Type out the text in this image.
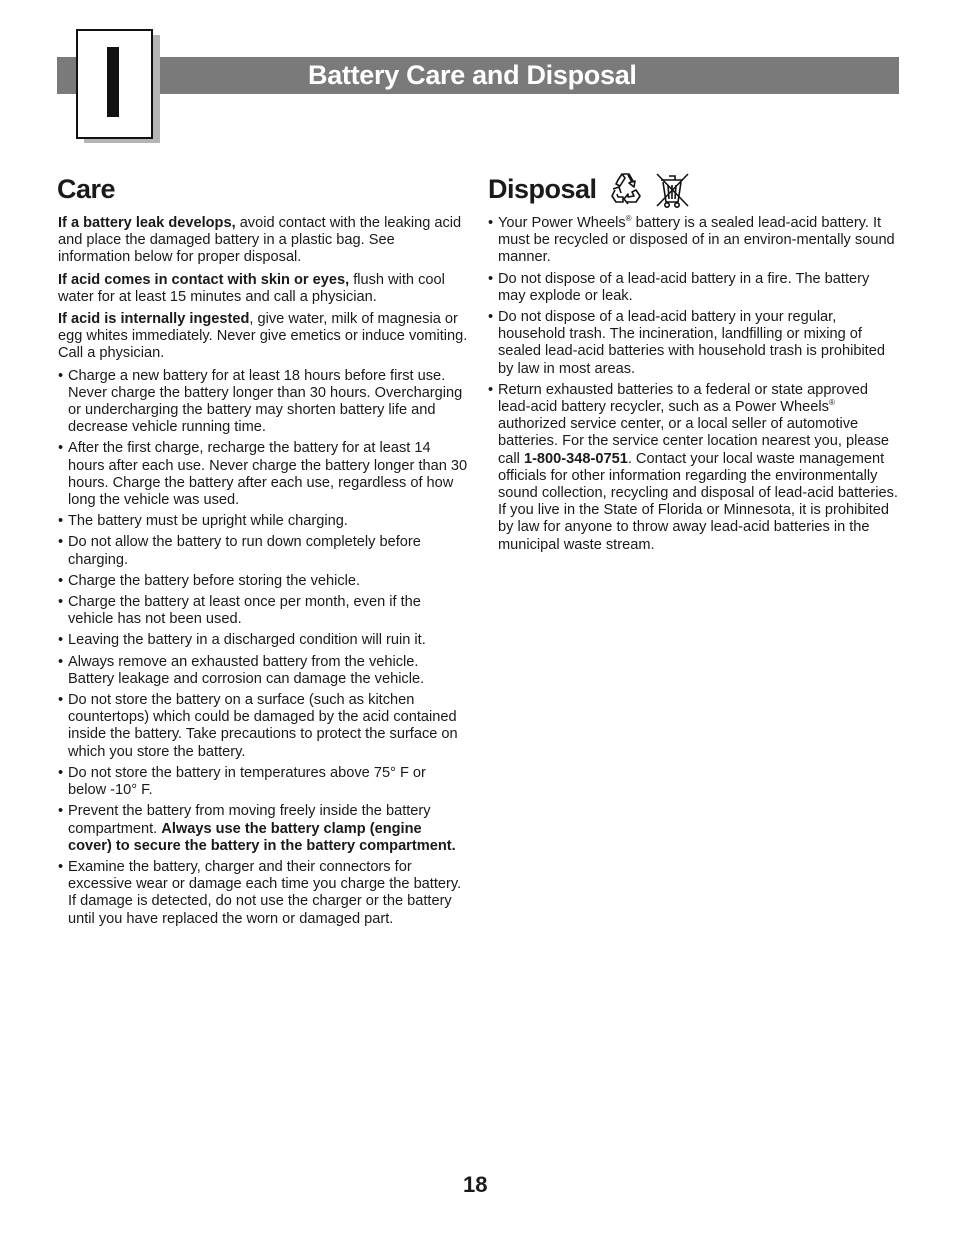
Battery Care and Disposal
Care

If a battery leak develops, avoid contact with the leaking acid and place the damaged battery in a plastic bag. See information below for proper disposal.

If acid comes in contact with skin or eyes, flush with cool water for at least 15 minutes and call a physician.

If acid is internally ingested, give water, milk of magnesia or egg whites immediately. Never give emetics or induce vomiting. Call a physician.

• Charge a new battery for at least 18 hours before first use. Never charge the battery longer than 30 hours. Overcharging or undercharging the battery may shorten battery life and decrease vehicle running time.
• After the first charge, recharge the battery for at least 14 hours after each use. Never charge the battery longer than 30 hours. Charge the battery after each use, regardless of how long the vehicle was used.
• The battery must be upright while charging.
• Do not allow the battery to run down completely before charging.
• Charge the battery before storing the vehicle.
• Charge the battery at least once per month, even if the vehicle has not been used.
• Leaving the battery in a discharged condition will ruin it.
• Always remove an exhausted battery from the vehicle. Battery leakage and corrosion can damage the vehicle.
• Do not store the battery on a surface (such as kitchen countertops) which could be damaged by the acid contained inside the battery. Take precautions to protect the surface on which you store the battery.
• Do not store the battery in temperatures above 75° F or below -10° F.
• Prevent the battery from moving freely inside the battery compartment. Always use the battery clamp (engine cover) to secure the battery in the battery compartment.
• Examine the battery, charger and their connectors for excessive wear or damage each time you charge the battery. If damage is detected, do not use the charger or the battery until you have replaced the worn or damaged part.
Disposal
• Your Power Wheels® battery is a sealed lead-acid battery. It must be recycled or disposed of in an environ-mentally sound manner.
• Do not dispose of a lead-acid battery in a fire. The battery may explode or leak.
• Do not dispose of a lead-acid battery in your regular, household trash. The incineration, landfilling or mixing of sealed lead-acid batteries with household trash is prohibited by law in most areas.
• Return exhausted batteries to a federal or state approved lead-acid battery recycler, such as a Power Wheels® authorized service center, or a local seller of automotive batteries. For the service center location nearest you, please call 1-800-348-0751. Contact your local waste management officials for other information regarding the environmentally sound collection, recycling and disposal of lead-acid batteries. If you live in the State of Florida or Minnesota, it is prohibited by law for anyone to throw away lead-acid batteries in the municipal waste stream.
18
